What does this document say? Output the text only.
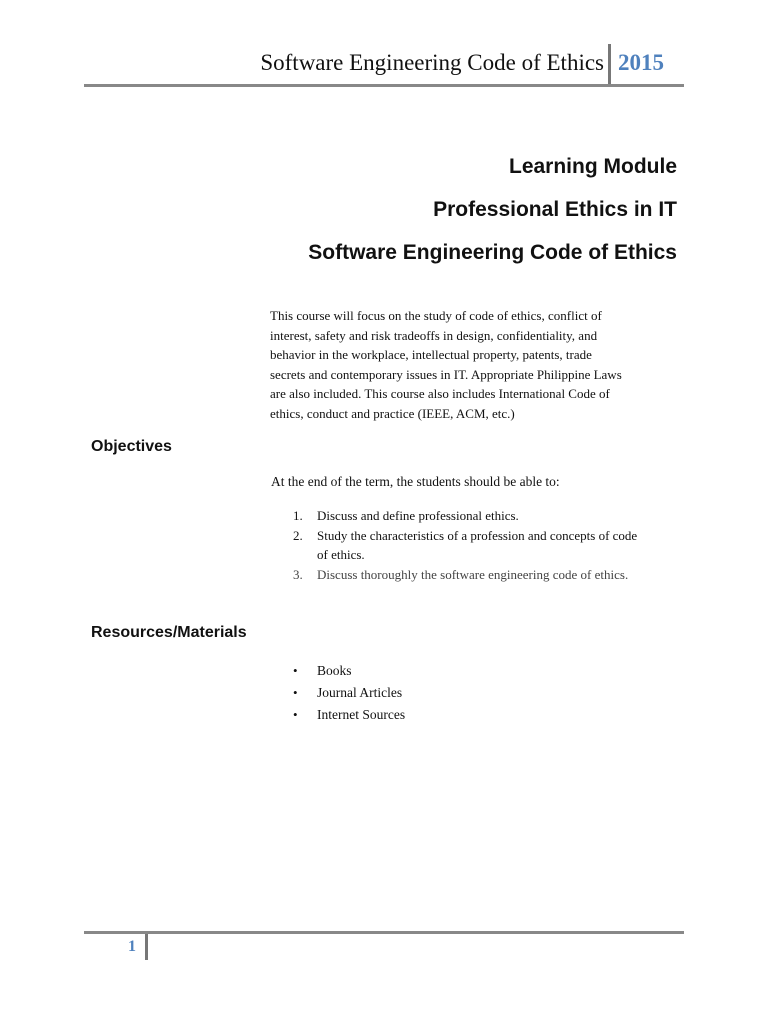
Software Engineering Code of Ethics 2015
Learning Module
Professional Ethics in IT
Software Engineering Code of Ethics
This course will focus on the study of code of ethics, conflict of
interest, safety and risk tradeoffs in design, confidentiality, and
behavior in the workplace, intellectual property, patents, trade
secrets and contemporary issues in IT. Appropriate Philippine Laws
are also included. This course also includes International Code of
ethics, conduct and practice (IEEE, ACM, etc.)
Objectives
At the end of the term, the students should be able to:
1. Discuss and define professional ethics.
2. Study the characteristics of a profession and concepts of code
of ethics.
3. Discuss thoroughly the software engineering code of ethics.
Resources/Materials
• Books
• Journal Articles
• Internet Sources
1
